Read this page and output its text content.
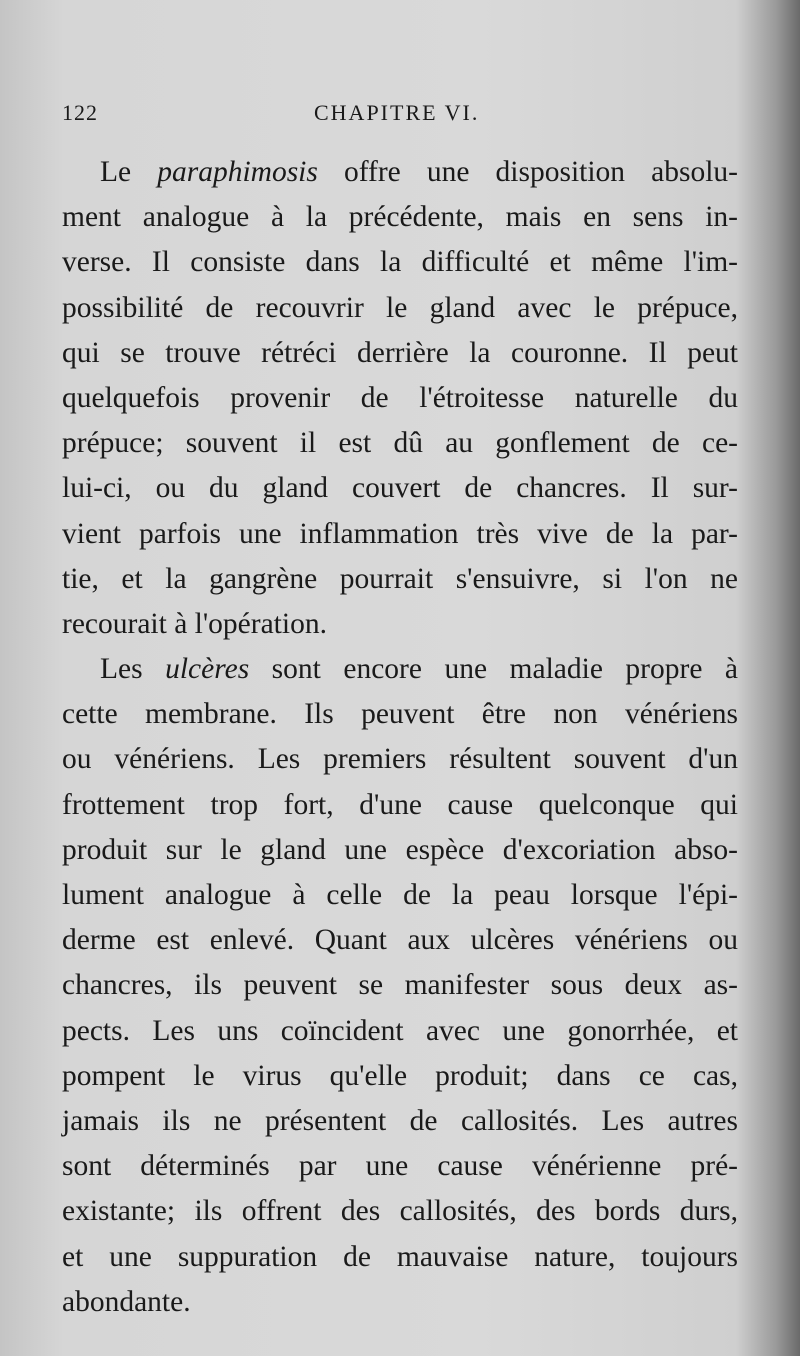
122	CHAPITRE VI.
Le paraphimosis offre une disposition absolu-
ment analogue à la précédente, mais en sens in-
verse. Il consiste dans la difficulté et même l'im-
possibilité de recouvrir le gland avec le prépuce,
qui se trouve rétréci derrière la couronne. Il peut
quelquefois provenir de l'étroitesse naturelle du
prépuce; souvent il est dû au gonflement de ce-
lui-ci, ou du gland couvert de chancres. Il sur-
vient parfois une inflammation très vive de la par-
tie, et la gangrène pourrait s'ensuivre, si l'on ne
recourait à l'opération.
Les ulcères sont encore une maladie propre à
cette membrane. Ils peuvent être non vénériens
ou vénériens. Les premiers résultent souvent d'un
frottement trop fort, d'une cause quelconque qui
produit sur le gland une espèce d'excoriation abso-
lument analogue à celle de la peau lorsque l'épi-
derme est enlevé. Quant aux ulcères vénériens ou
chancres, ils peuvent se manifester sous deux as-
pects. Les uns coïncident avec une gonorrhée, et
pompent le virus qu'elle produit; dans ce cas,
jamais ils ne présentent de callosités. Les autres
sont déterminés par une cause vénérienne pré-
existante; ils offrent des callosités, des bords durs,
et une suppuration de mauvaise nature, toujours
abondante.
